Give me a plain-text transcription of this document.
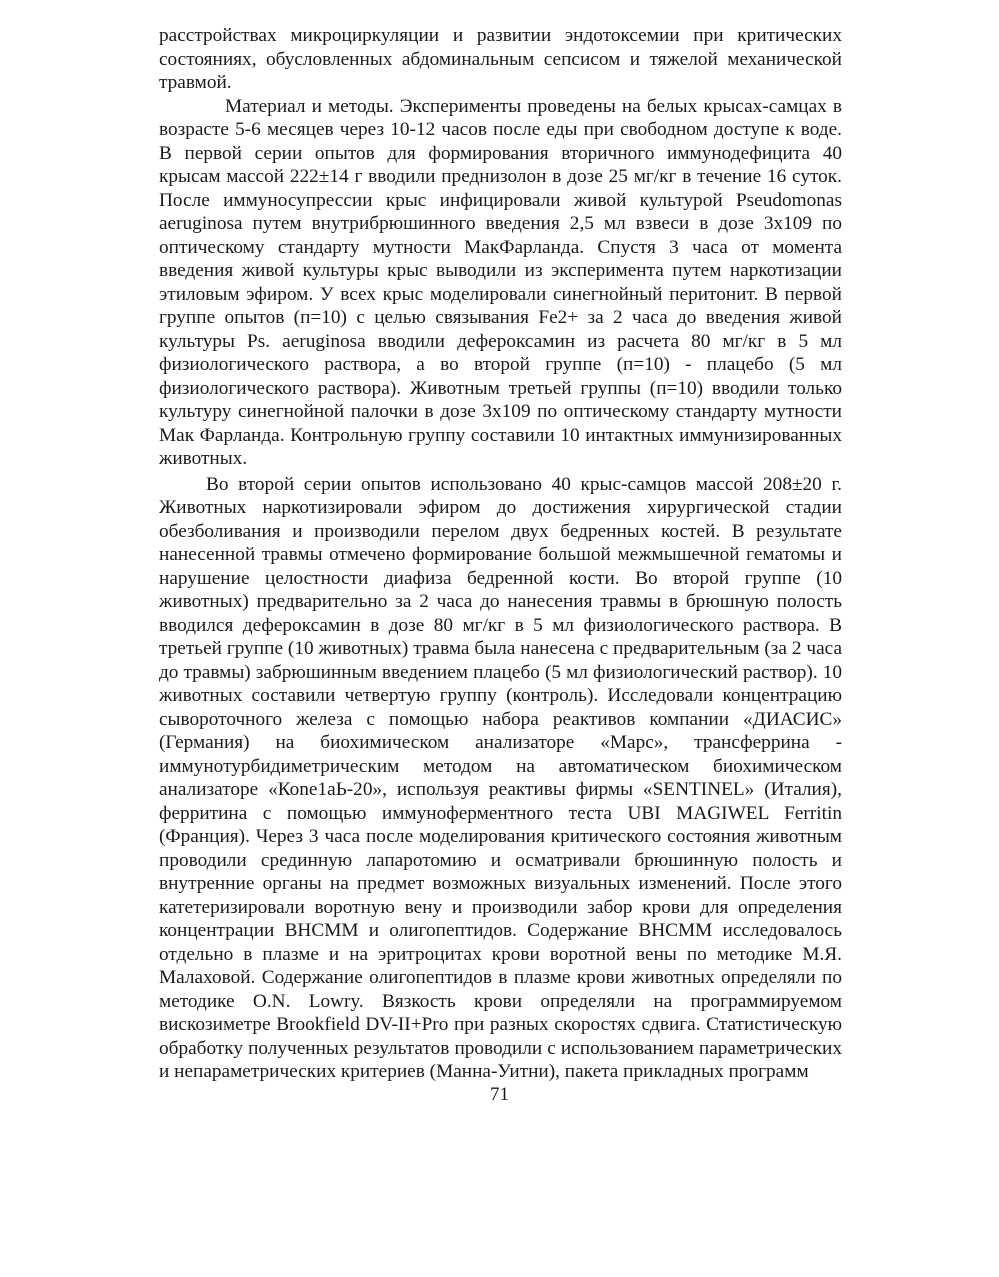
расстройствах микроциркуляции и развитии эндотоксемии при критических состояниях, обусловленных абдоминальным сепсисом и тяжелой механической травмой.

Материал и методы. Эксперименты проведены на белых крысах-самцах в возрасте 5-6 месяцев через 10-12 часов после еды при свободном доступе к воде. В первой серии опытов для формирования вторичного иммунодефицита 40 крысам массой 222±14 г вводили преднизолон в дозе 25 мг/кг в течение 16 суток. После иммуносупрессии крыс инфицировали живой культурой Pseudomonas aeruginosa путем внутрибрюшинного введения 2,5 мл взвеси в дозе 3x109 по оптическому стандарту мутности МакФарланда. Спустя 3 часа от момента введения живой культуры крыс выводили из эксперимента путем наркотизации этиловым эфиром. У всех крыс моделировали синегнойный перитонит. В первой группе опытов (п=10) с целью связывания Fe2+ за 2 часа до введения живой культуры Ps. aeruginosa вводили дефероксамин из расчета 80 мг/кг в 5 мл физиологического раствора, а во второй группе (п=10) - плацебо (5 мл физиологического раствора). Животным третьей группы (п=10) вводили только культуру синегнойной палочки в дозе 3x109 по оптическому стандарту мутности Мак Фарланда. Контрольную группу составили 10 интактных иммунизированных животных.

Во второй серии опытов использовано 40 крыс-самцов массой 208±20 г. Животных наркотизировали эфиром до достижения хирургической стадии обезболивания и производили перелом двух бедренных костей. В результате нанесенной травмы отмечено формирование большой межмышечной гематомы и нарушение целостности диафиза бедренной кости. Во второй группе (10 животных) предварительно за 2 часа до нанесения травмы в брюшную полость вводился дефероксамин в дозе 80 мг/кг в 5 мл физиологического раствора. В третьей группе (10 животных) травма была нанесена с предварительным (за 2 часа до травмы) забрюшинным введением плацебо (5 мл физиологический раствор). 10 животных составили четвертую группу (контроль). Исследовали концентрацию сывороточного железа с помощью набора реактивов компании «ДИАСИС» (Германия) на биохимическом анализаторе «Марс», трансферрина - иммунотурбидиметрическим методом на автоматическом биохимическом анализаторе «Коne1aЬ-20», используя реактивы фирмы «SENTINEL» (Италия), ферритина с помощью иммуноферментного теста UBI MAGIWEL Ferritin (Франция). Через 3 часа после моделирования критического состояния животным проводили срединную лапаротомию и осматривали брюшинную полость и внутренние органы на предмет возможных визуальных изменений. После этого катетеризировали воротную вену и производили забор крови для определения концентрации ВНСММ и олигопептидов. Содержание ВНСММ исследовалось отдельно в плазме и на эритроцитах крови воротной вены по методике М.Я. Малаховой. Содержание олигопептидов в плазме крови животных определяли по методике O.N. Lowry. Вязкость крови определяли на программируемом вискозиметре Brookfield DV-II+Pro при разных скоростях сдвига. Статистическую обработку полученных результатов проводили с использованием параметрических и непараметрических критериев (Манна-Уитни), пакета прикладных программ

71
